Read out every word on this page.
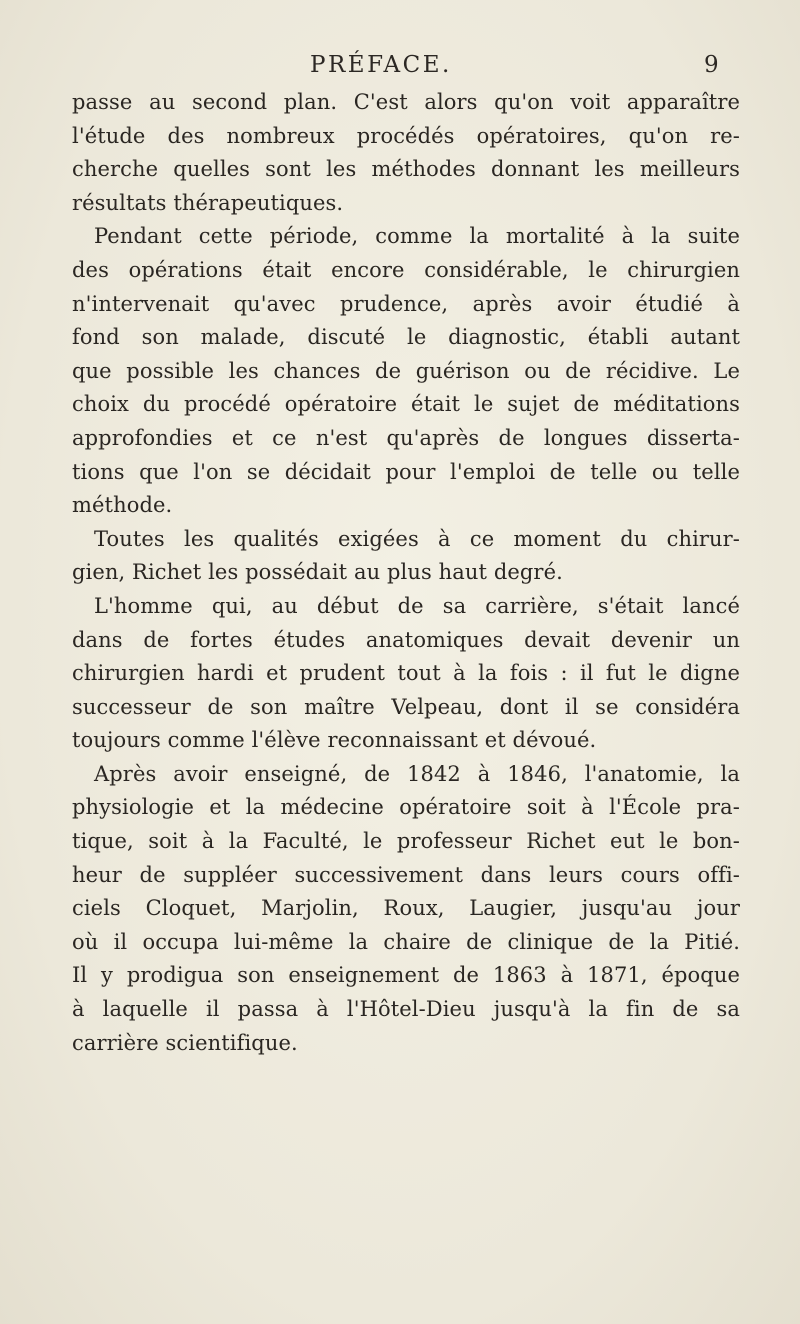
PRÉFACE.	9
passe au second plan. C'est alors qu'on voit apparaître
l'étude des nombreux procédés opératoires, qu'on re-
cherche quelles sont les méthodes donnant les meilleurs
résultats thérapeutiques.
Pendant cette période, comme la mortalité à la suite
des opérations était encore considérable, le chirurgien
n'intervenait qu'avec prudence, après avoir étudié à
fond son malade, discuté le diagnostic, établi autant
que possible les chances de guérison ou de récidive. Le
choix du procédé opératoire était le sujet de méditations
approfondies et ce n'est qu'après de longues disserta-
tions que l'on se décidait pour l'emploi de telle ou telle
méthode.
Toutes les qualités exigées à ce moment du chirur-
gien, Richet les possédait au plus haut degré.
L'homme qui, au début de sa carrière, s'était lancé
dans de fortes études anatomiques devait devenir un
chirurgien hardi et prudent tout à la fois : il fut le digne
successeur de son maître Velpeau, dont il se considéra
toujours comme l'élève reconnaissant et dévoué.
Après avoir enseigné, de 1842 à 1846, l'anatomie, la
physiologie et la médecine opératoire soit à l'École pra-
tique, soit à la Faculté, le professeur Richet eut le bon-
heur de suppléer successivement dans leurs cours offi-
ciels Cloquet, Marjolin, Roux, Laugier, jusqu'au jour
où il occupa lui-même la chaire de clinique de la Pitié.
Il y prodigua son enseignement de 1863 à 1871, époque
à laquelle il passa à l'Hôtel-Dieu jusqu'à la fin de sa
carrière scientifique.
